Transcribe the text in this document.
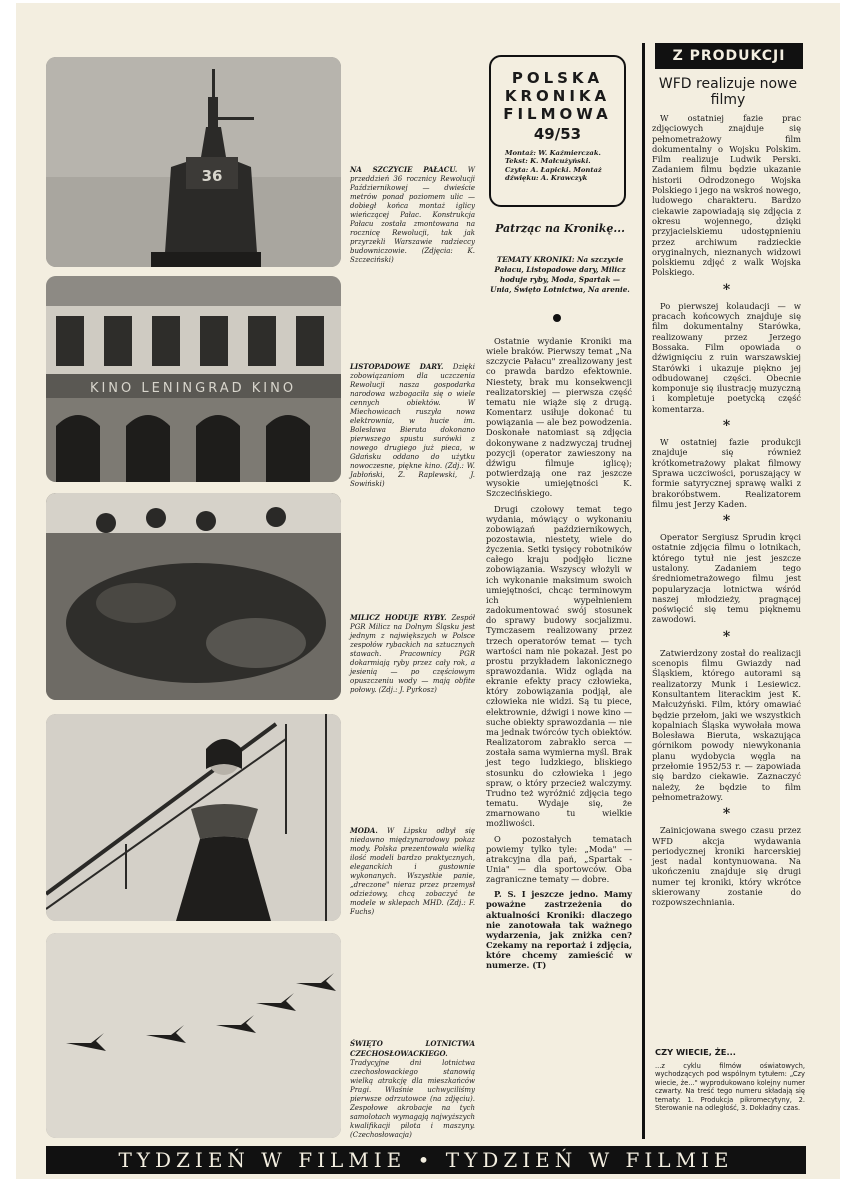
36	NA SZCZYCIE PAŁACU. W przeddzień 36 rocznicy Rewolucji Październikowej — dwieście metrów ponad poziomem ulic — dobiegł końca montaż iglicy wieńczącej Pałac. Konstrukcja Pałacu została zmontowana na rocznicę Rewolucji, tak jak przyrzekli Warszawie radzieccy budowniczowie. (Zdjęcia: K. Szczeciński)
KINO LENINGRAD KINO
LISTOPADOWE DARY. Dzięki zobowiązaniom dla uczczenia Rewolucji nasza gospodarka narodowa wzbogaciła się o wiele cennych obiektów. W Miechowicach ruszyła nowa elektrownia, w hucie im. Bolesława Bieruta dokonano pierwszego spustu surówki z nowego drugiego już pieca, w Gdańsku oddano do użytku nowoczesne, piękne kino. (Zdj.: W. Jabłoński, Z. Raplewski, J. Sowiński)
MILICZ HODUJE RYBY. Zespół PGR Milicz na Dolnym Śląsku jest jednym z największych w Polsce zespołów rybackich na sztucznych stawach. Pracownicy PGR dokarmiają ryby przez cały rok, a jesienią — po częściowym opuszczeniu wody — mają obfite połowy. (Zdj.: J. Pyrkosz)
MODA. W Lipsku odbył się niedawno międzynarodowy pokaz mody. Polska prezentowała wielką ilość modeli bardzo praktycznych, eleganckich i gustownie wykonanych. Wszystkie panie, „dreczone" nieraz przez przemysł odzieżowy, chcą zobaczyć te modele w sklepach MHD. (Zdj.: F. Fuchs)
ŚWIĘTO LOTNICTWA CZECHOSŁOWACKIEGO. Tradycyjne dni lotnictwa czechosłowackiego stanowią wielką atrakcję dla mieszkańców Pragi. Właśnie uchwyciliśmy pierwsze odrzutowce (na zdjęciu). Zespołowe akrobacje na tych samolotach wymagają najwyższych kwalifikacji pilota i maszyny. (Czechosłowacja)
POLSKA
KRONIKA
FILMOWA
49/53
Montaż: W. Kaźmierczak. Tekst: K. Małcużyński. Czyta: A. Łapicki. Montaż dźwięku: A. Krawczyk
Patrząc na Kronikę...
TEMATY KRONIKI: Na szczycie Pałacu, Listopadowe dary, Milicz hoduje ryby, Moda, Spartak — Unia, Święto Lotnictwa, Na arenie.

Ostatnie wydanie Kroniki ma wiele braków. Pierwszy temat „Na szczycie Pałacu" zrealizowany jest co prawda bardzo efektownie. Niestety, brak mu konsekwencji realizatorskiej — pierwsza część tematu nie wiąże się z drugą. Komentarz usiłuje dokonać tu powiązania — ale bez powodzenia. Doskonałe natomiast są zdjęcia dokonywane z nadzwyczaj trudnej pozycji (operator zawieszony na dźwigu filmuje iglicę); potwierdzają one raz jeszcze wysokie umiejętności K. Szczecińskiego.

Drugi czołowy temat tego wydania, mówiący o wykonaniu zobowiązań październikowych, pozostawia, niestety, wiele do życzenia. Setki tysięcy robotników całego kraju podjęło liczne zobowiązania. Wszyscy włożyli w ich wykonanie maksimum swoich umiejętności, chcąc terminowym ich wypełnieniem zadokumentować swój stosunek do sprawy budowy socjalizmu. Tymczasem realizowany przez trzech operatorów temat — tych wartości nam nie pokazał. Jest po prostu przykładem lakonicznego sprawozdania. Widz ogląda na ekranie efekty pracy człowieka, który zobowiązania podjął, ale człowieka nie widzi. Są tu piece, elektrownie, dźwigi i nowe kino — suche obiekty sprawozdania — nie ma jednak twórców tych obiektów. Realizatorom zabrakło serca — została sama wymierna myśl. Brak jest tego ludzkiego, bliskiego stosunku do człowieka i jego spraw, o który przecież walczymy. Trudno też wyróżnić zdjęcia tego tematu. Wydaje się, że zmarnowano tu wielkie możliwości.

O pozostałych tematach powiemy tylko tyle: „Moda" — atrakcyjna dla pań, „Spartak - Unia" — dla sportowców. Oba zagraniczne tematy — dobre.

P. S. I jeszcze jedno. Mamy poważne zastrzeżenia do aktualności Kroniki: dlaczego nie zanotowała tak ważnego wydarzenia, jak zniżka cen? Czekamy na reportaż i zdjęcia, które chcemy zamieścić w numerze. (T)

Z PRODUKCJI
WFD realizuje nowe filmy

W ostatniej fazie prac zdjęciowych znajduje się pełnometrażowy film dokumentalny o Wojsku Polskim. Film realizuje Ludwik Perski. Zadaniem filmu będzie ukazanie historii Odrodzonego Wojska Polskiego i jego na wskroś nowego, ludowego charakteru. Bardzo ciekawie zapowiadają się zdjęcia z okresu wojennego, dzięki przyjacielskiemu udostępnieniu przez archiwum radzieckie oryginalnych, nieznanych widzowi polskiemu zdjęć z walk Wojska Polskiego.

*

Po pierwszej kolaudacji — w pracach końcowych znajduje się film dokumentalny Starówka, realizowany przez Jerzego Bossaka. Film opowiada o dźwignięciu z ruin warszawskiej Starówki i ukazuje piękno jej odbudowanej części. Obecnie komponuje się ilustrację muzyczną i kompletuje poetycką część komentarza.

*

W ostatniej fazie produkcji znajduje się również krótkometrażowy plakat filmowy Sprawa uczciwości, poruszający w formie satyrycznej sprawę walki z brakoróbstwem. Realizatorem filmu jest Jerzy Kaden.

*

Operator Sergiusz Sprudin kręci ostatnie zdjęcia filmu o lotnikach, którego tytuł nie jest jeszcze ustalony. Zadaniem tego średniometrażowego filmu jest popularyzacja lotnictwa wśród naszej młodzieży, pragnącej poświęcić się temu pięknemu zawodowi.

*

Zatwierdzony został do realizacji scenopis filmu Gwiazdy nad Śląskiem, którego autorami są realizatorzy Munk i Lesiewicz. Konsultantem literackim jest K. Małcużyński. Film, który omawiać będzie przełom, jaki we wszystkich kopalniach Śląska wywołała mowa Bolesława Bieruta, wskazująca górnikom powody niewykonania planu wydobycia węgla na przełomie 1952/53 r. — zapowiada się bardzo ciekawie. Zaznaczyć należy, że będzie to film pełnometrażowy.

*

Zainicjowana swego czasu przez WFD akcja wydawania periodycznej kroniki harcerskiej jest nadal kontynuowana. Na ukończeniu znajduje się drugi numer tej kroniki, który wkrótce skierowany zostanie do rozpowszechniania.

CZY WIECIE, ŻE...
...z cyklu filmów oświatowych, wychodzących pod wspólnym tytułem: „Czy wiecie, że..." wyprodukowano kolejny numer czwarty. Na treść tego numeru składają się tematy: 1. Produkcja pikromecytyny, 2. Sterowanie na odległość, 3. Dokładny czas.
TYDZIEŃ W FILMIE • TYDZIEŃ W FILMIE
